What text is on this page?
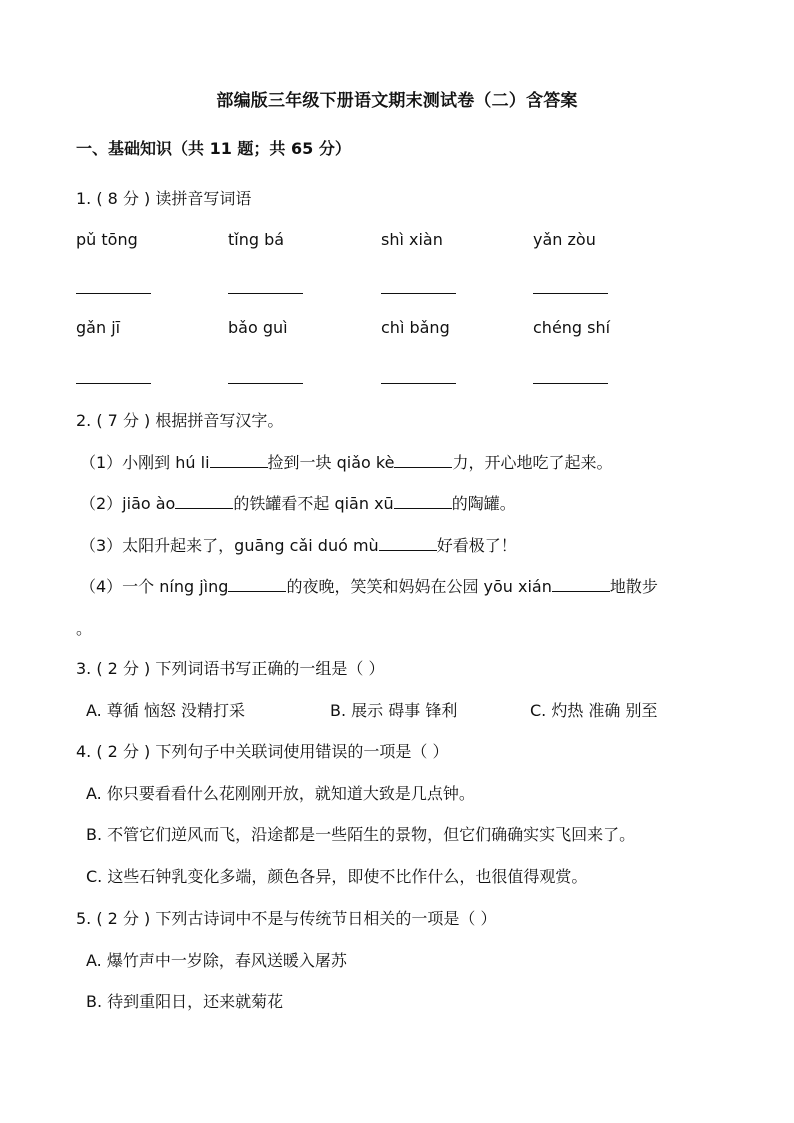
部编版三年级下册语文期末测试卷（二）含答案
一、基础知识（共 11 题；共 65 分）
1. ( 8 分 ) 读拼音写词语
pǔ tōng	tǐng bá	shì xiàn	yǎn zòu
gǎn jī	bǎo guì	chì bǎng	chéng shí
2. ( 7 分 ) 根据拼音写汉字。
（1）小刚到 hú li	捡到一块 qiǎo kè	力，开心地吃了起来。
（2）jiāo ào	的铁罐看不起 qiān xū	的陶罐。
（3）太阳升起来了，guāng cǎi duó mù	好看极了！
（4）一个 níng jìng	的夜晚，笑笑和妈妈在公园 yōu xián	地散步
。
3. ( 2 分 ) 下列词语书写正确的一组是（ ）
A. 尊循 恼怒 没精打采	B. 展示 碍事 锋利	C. 灼热 准确 别至
4. ( 2 分 ) 下列句子中关联词使用错误的一项是（ ）
A. 你只要看看什么花刚刚开放，就知道大致是几点钟。
B. 不管它们逆风而飞，沿途都是一些陌生的景物，但它们确确实实飞回来了。
C. 这些石钟乳变化多端，颜色各异，即使不比作什么，也很值得观赏。
5. ( 2 分 ) 下列古诗词中不是与传统节日相关的一项是（ ）
A. 爆竹声中一岁除，春风送暖入屠苏
B. 待到重阳日，还来就菊花
